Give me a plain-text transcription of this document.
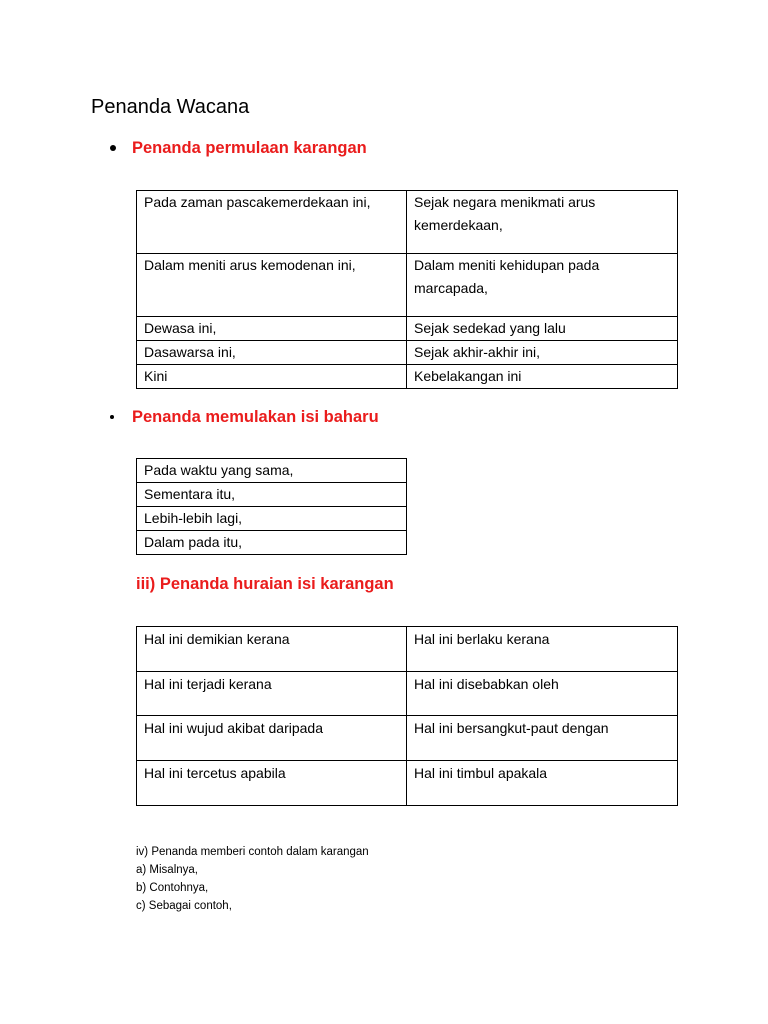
Penanda Wacana
Penanda permulaan karangan
Pada zaman pascakemerdekaan ini,	Sejak negara menikmati arus kemerdekaan,
Dalam meniti arus kemodenan ini,	Dalam meniti kehidupan pada marcapada,
Dewasa ini,	Sejak sedekad yang lalu
Dasawarsa ini,	Sejak akhir-akhir ini,
Kini	Kebelakangan ini
Penanda memulakan isi baharu
Pada waktu yang sama,
Sementara itu,
Lebih-lebih lagi,
Dalam pada itu,
iii) Penanda huraian isi karangan
Hal ini demikian kerana	Hal ini berlaku kerana
Hal ini terjadi kerana	Hal ini disebabkan oleh
Hal ini wujud akibat daripada	Hal ini bersangkut-paut dengan
Hal ini tercetus apabila	Hal ini timbul apakala
iv) Penanda memberi contoh dalam karangan
a) Misalnya,
b) Contohnya,
c) Sebagai contoh,
